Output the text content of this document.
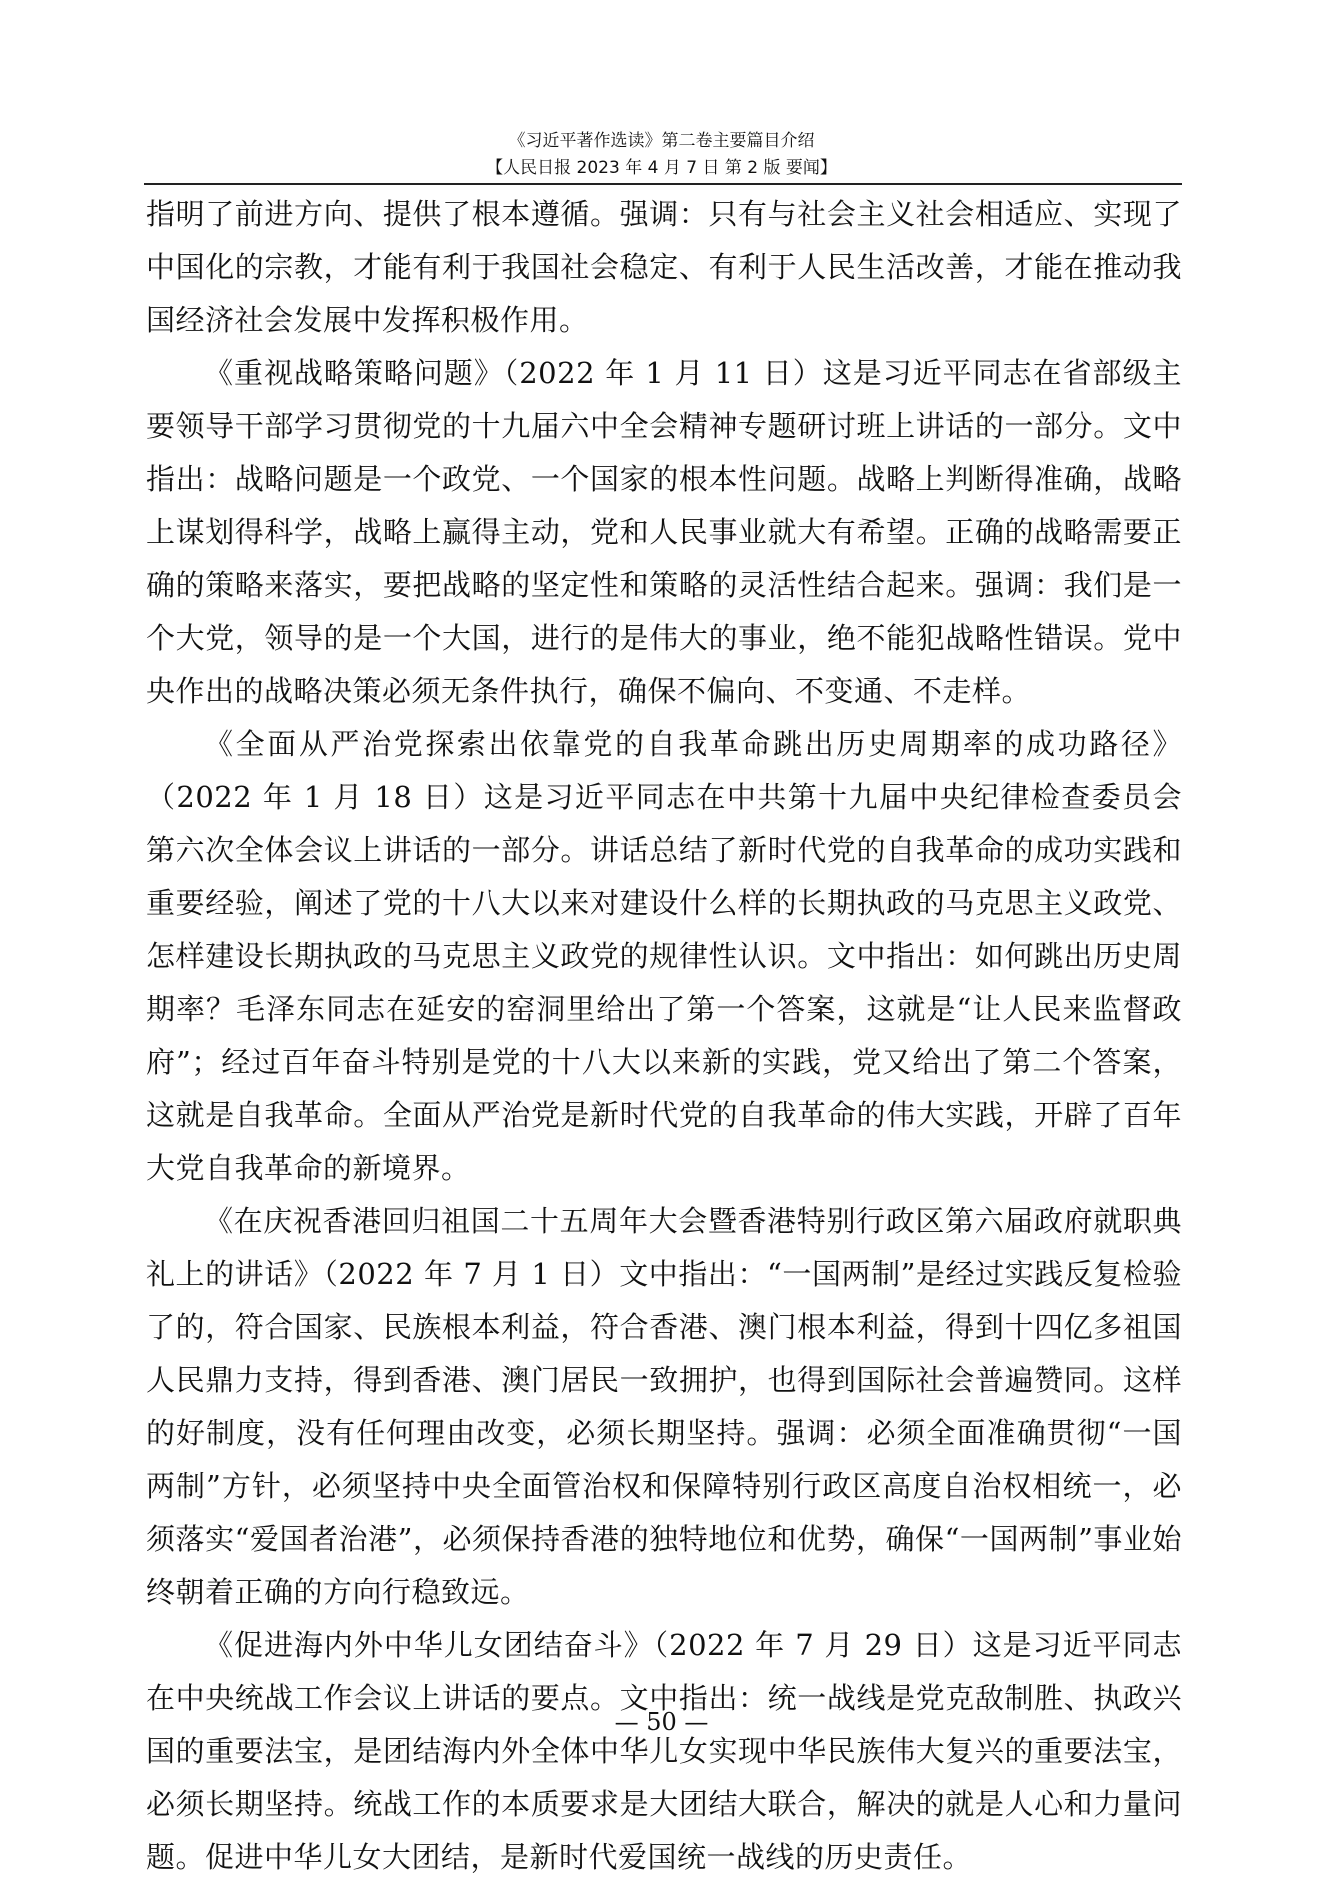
《习近平著作选读》第二卷主要篇目介绍
【人民日报 2023 年 4 月 7 日 第 2 版 要闻】

指明了前进方向、提供了根本遵循。强调：只有与社会主义社会相适应、实现了中国化的宗教，才能有利于我国社会稳定、有利于人民生活改善，才能在推动我国经济社会发展中发挥积极作用。

《重视战略策略问题》（2022 年 1 月 11 日）这是习近平同志在省部级主要领导干部学习贯彻党的十九届六中全会精神专题研讨班上讲话的一部分。文中指出：战略问题是一个政党、一个国家的根本性问题。战略上判断得准确，战略上谋划得科学，战略上赢得主动，党和人民事业就大有希望。正确的战略需要正确的策略来落实，要把战略的坚定性和策略的灵活性结合起来。强调：我们是一个大党，领导的是一个大国，进行的是伟大的事业，绝不能犯战略性错误。党中央作出的战略决策必须无条件执行，确保不偏向、不变通、不走样。

《全面从严治党探索出依靠党的自我革命跳出历史周期率的成功路径》（2022 年 1 月 18 日）这是习近平同志在中共第十九届中央纪律检查委员会第六次全体会议上讲话的一部分。讲话总结了新时代党的自我革命的成功实践和重要经验，阐述了党的十八大以来对建设什么样的长期执政的马克思主义政党、怎样建设长期执政的马克思主义政党的规律性认识。文中指出：如何跳出历史周期率？毛泽东同志在延安的窑洞里给出了第一个答案，这就是“让人民来监督政府”；经过百年奋斗特别是党的十八大以来新的实践，党又给出了第二个答案，这就是自我革命。全面从严治党是新时代党的自我革命的伟大实践，开辟了百年大党自我革命的新境界。

《在庆祝香港回归祖国二十五周年大会暨香港特别行政区第六届政府就职典礼上的讲话》（2022 年 7 月 1 日）文中指出：“一国两制”是经过实践反复检验了的，符合国家、民族根本利益，符合香港、澳门根本利益，得到十四亿多祖国人民鼎力支持，得到香港、澳门居民一致拥护，也得到国际社会普遍赞同。这样的好制度，没有任何理由改变，必须长期坚持。强调：必须全面准确贯彻“一国两制”方针，必须坚持中央全面管治权和保障特别行政区高度自治权相统一，必须落实“爱国者治港”，必须保持香港的独特地位和优势，确保“一国两制”事业始终朝着正确的方向行稳致远。

《促进海内外中华儿女团结奋斗》（2022 年 7 月 29 日）这是习近平同志在中央统战工作会议上讲话的要点。文中指出：统一战线是党克敌制胜、执政兴国的重要法宝，是团结海内外全体中华儿女实现中华民族伟大复兴的重要法宝，必须长期坚持。统战工作的本质要求是大团结大联合，解决的就是人心和力量问题。促进中华儿女大团结，是新时代爱国统一战线的历史责任。

— 50 —
